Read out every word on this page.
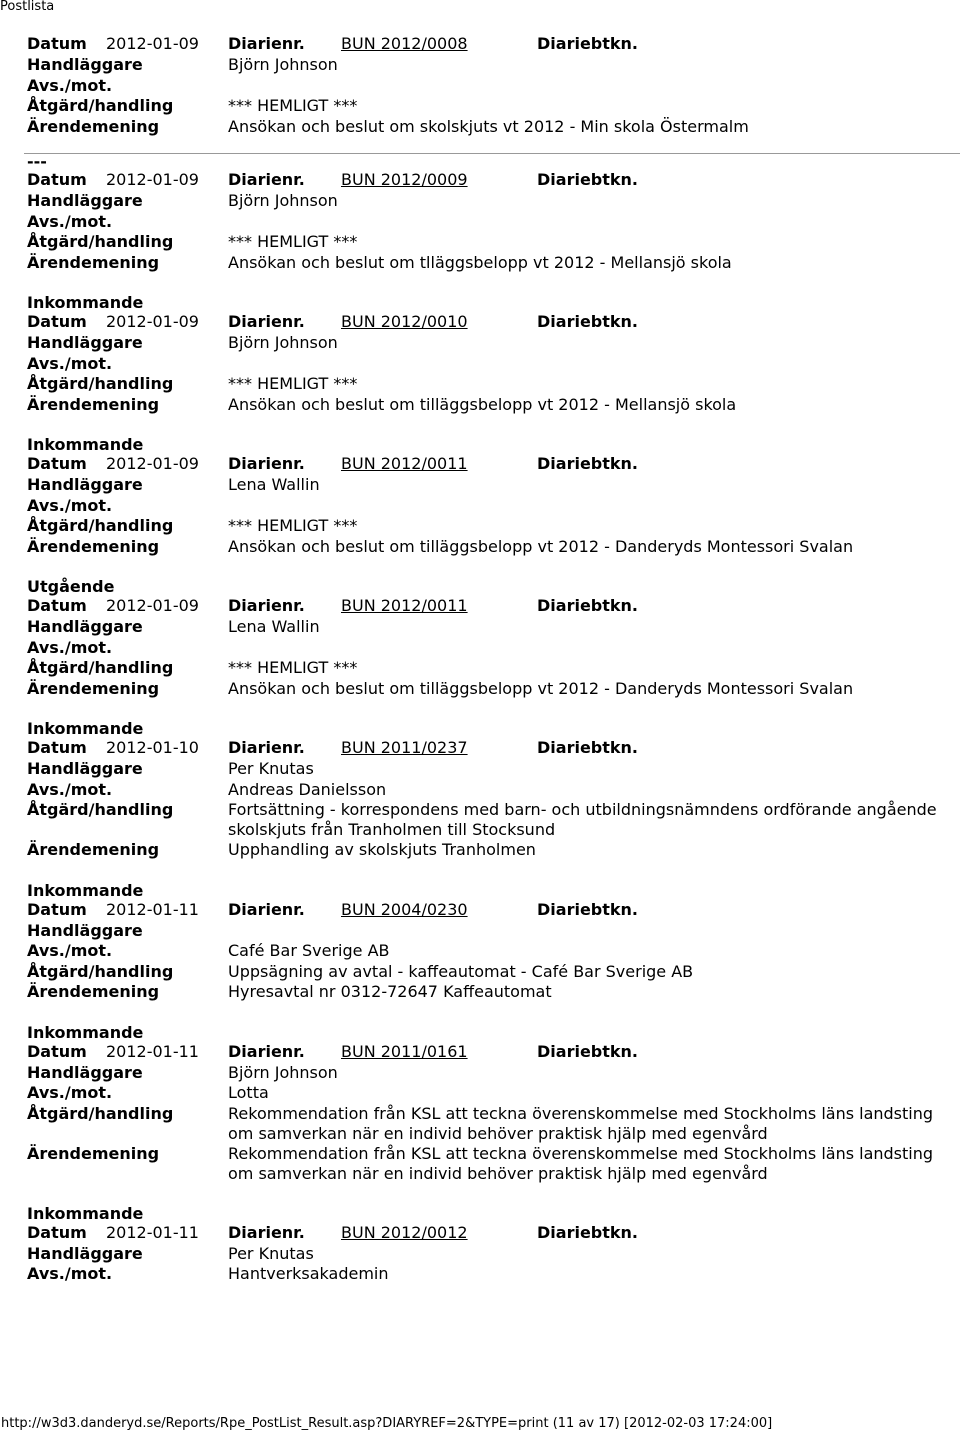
Postlista
Datum	2012-01-09	Diarienr.	BUN 2012/0008	Diariebtkn.
Handläggare	Björn Johnson
Avs./mot.
Åtgärd/handling	*** HEMLIGT ***
Ärendemening	Ansökan och beslut om skolskjuts vt 2012 - Min skola Östermalm
---
Datum	2012-01-09	Diarienr.	BUN 2012/0009	Diariebtkn.
Handläggare	Björn Johnson
Avs./mot.
Åtgärd/handling	*** HEMLIGT ***
Ärendemening	Ansökan och beslut om tlläggsbelopp vt 2012 - Mellansjö skola
Inkommande
Datum	2012-01-09	Diarienr.	BUN 2012/0010	Diariebtkn.
Handläggare	Björn Johnson
Avs./mot.
Åtgärd/handling	*** HEMLIGT ***
Ärendemening	Ansökan och beslut om tilläggsbelopp vt 2012 - Mellansjö skola
Inkommande
Datum	2012-01-09	Diarienr.	BUN 2012/0011	Diariebtkn.
Handläggare	Lena Wallin
Avs./mot.
Åtgärd/handling	*** HEMLIGT ***
Ärendemening	Ansökan och beslut om tilläggsbelopp vt 2012 - Danderyds Montessori Svalan
Utgående
Datum	2012-01-09	Diarienr.	BUN 2012/0011	Diariebtkn.
Handläggare	Lena Wallin
Avs./mot.
Åtgärd/handling	*** HEMLIGT ***
Ärendemening	Ansökan och beslut om tilläggsbelopp vt 2012 - Danderyds Montessori Svalan
Inkommande
Datum	2012-01-10	Diarienr.	BUN 2011/0237	Diariebtkn.
Handläggare	Per Knutas
Avs./mot.	Andreas Danielsson
Åtgärd/handling	Fortsättning - korrespondens med barn- och utbildningsnämndens ordförande angående skolskjuts från Tranholmen till Stocksund
Ärendemening	Upphandling av skolskjuts Tranholmen
Inkommande
Datum	2012-01-11	Diarienr.	BUN 2004/0230	Diariebtkn.
Handläggare
Avs./mot.	Café Bar Sverige AB
Åtgärd/handling	Uppsägning av avtal - kaffeautomat - Café Bar Sverige AB
Ärendemening	Hyresavtal nr 0312-72647 Kaffeautomat
Inkommande
Datum	2012-01-11	Diarienr.	BUN 2011/0161	Diariebtkn.
Handläggare	Björn Johnson
Avs./mot.	Lotta
Åtgärd/handling	Rekommendation från KSL att teckna överenskommelse med Stockholms läns landsting om samverkan när en individ behöver praktisk hjälp med egenvård
Ärendemening	Rekommendation från KSL att teckna överenskommelse med Stockholms läns landsting om samverkan när en individ behöver praktisk hjälp med egenvård
Inkommande
Datum	2012-01-11	Diarienr.	BUN 2012/0012	Diariebtkn.
Handläggare	Per Knutas
Avs./mot.	Hantverksakademin
http://w3d3.danderyd.se/Reports/Rpe_PostList_Result.asp?DIARYREF=2&TYPE=print (11 av 17) [2012-02-03 17:24:00]
